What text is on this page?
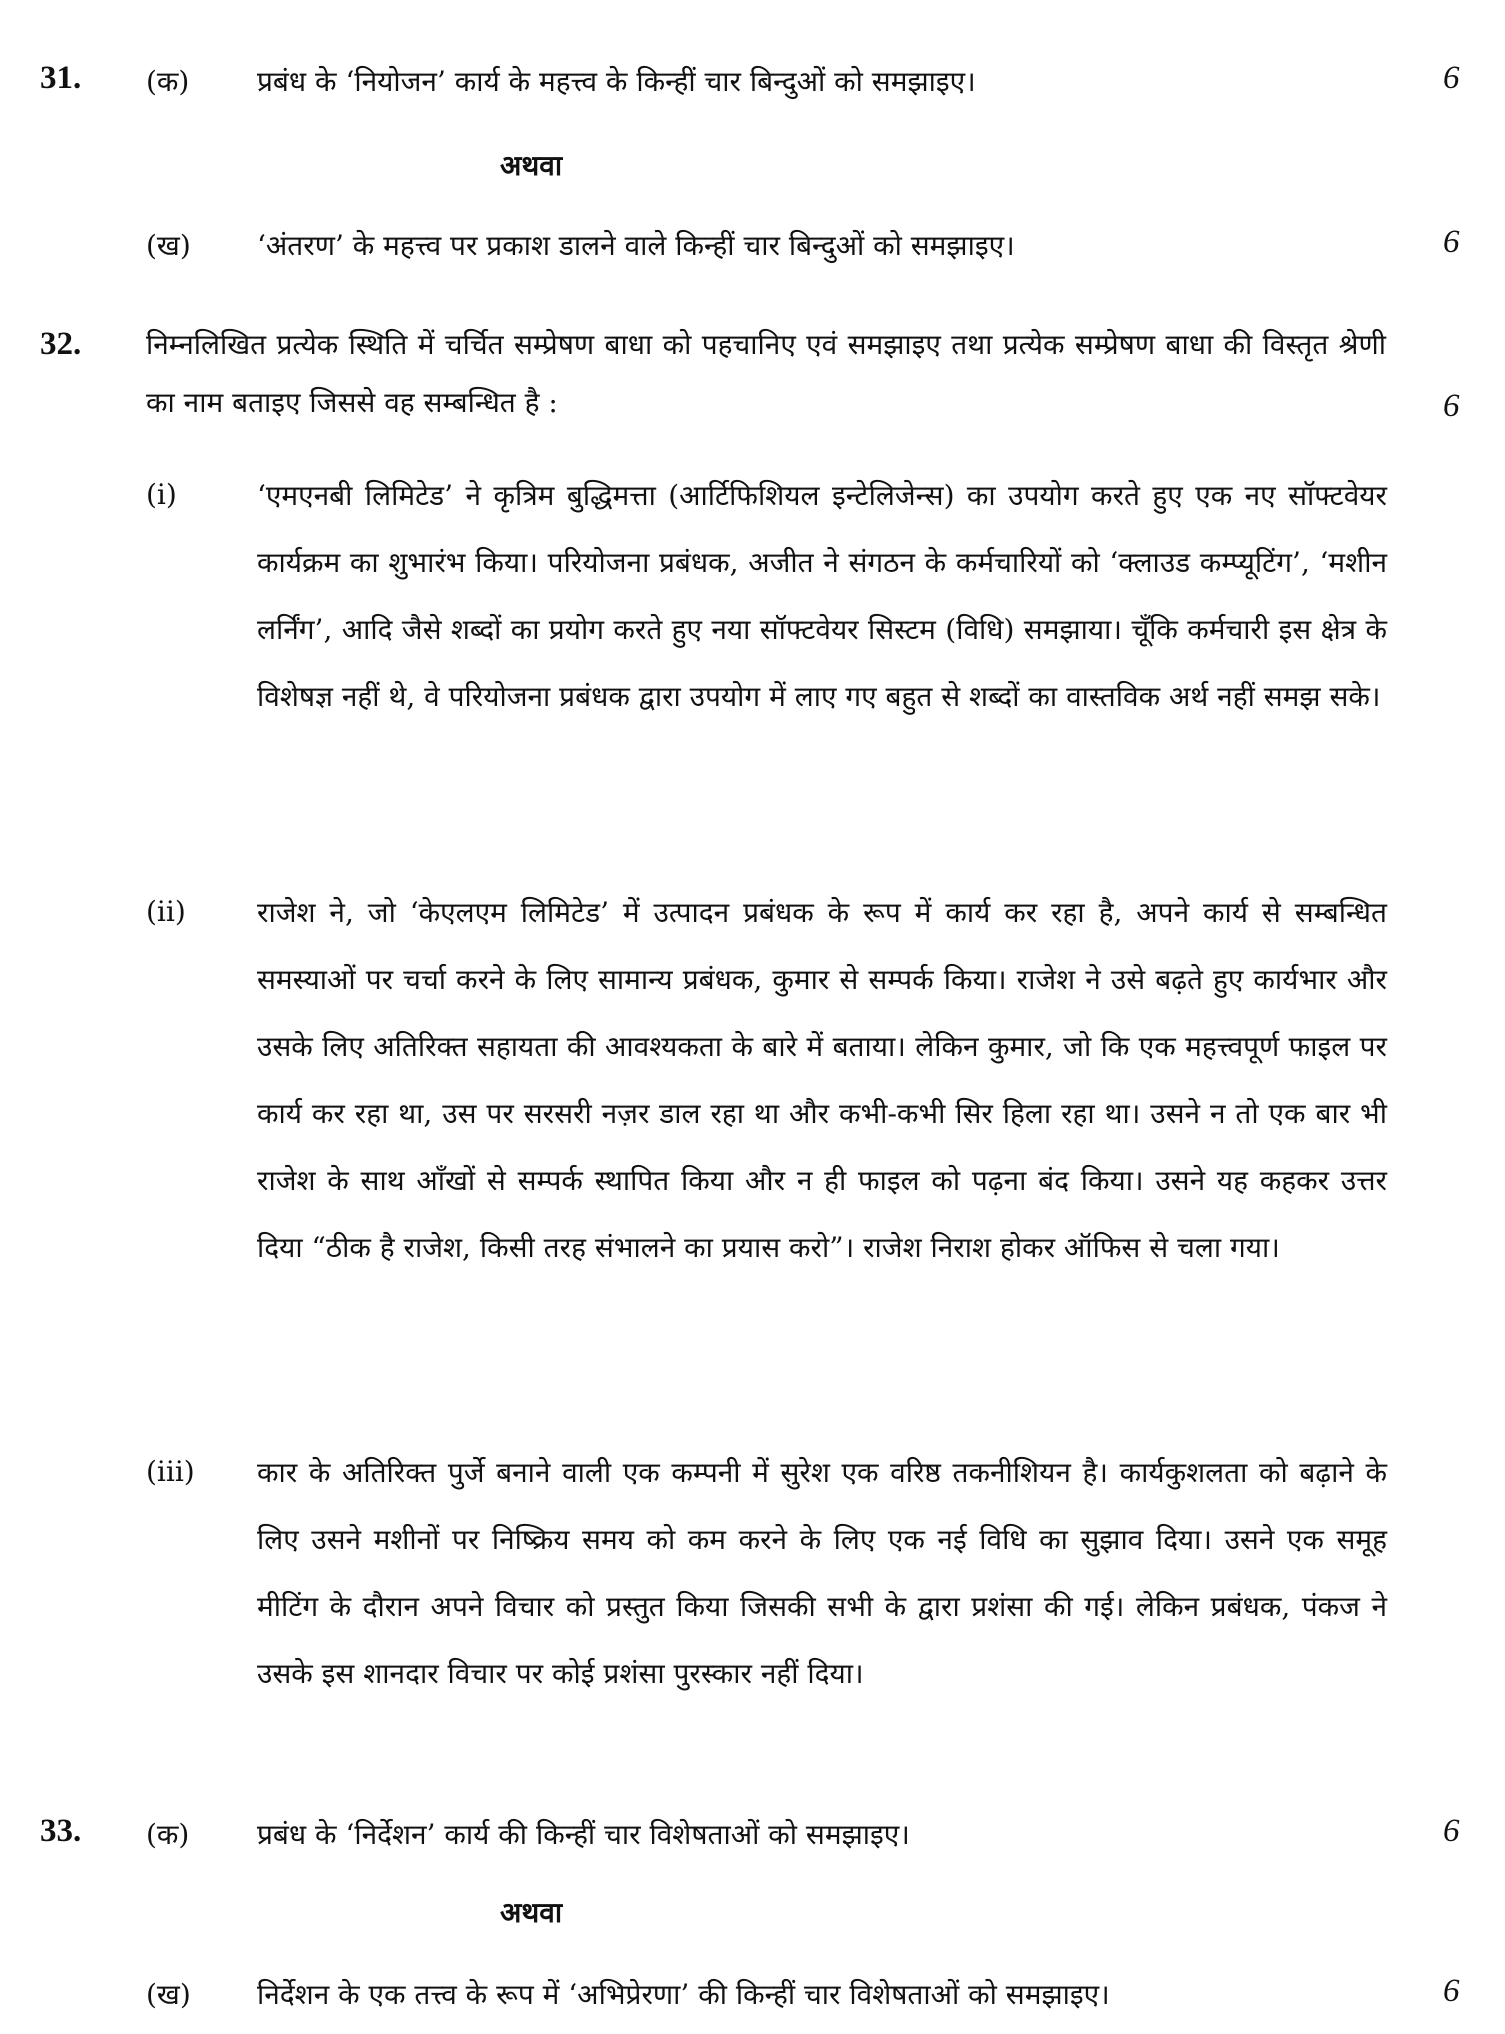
31. (क) प्रबंध के ‘नियोजन’ कार्य के महत्त्व के किन्हीं चार बिन्दुओं को समझाइए।	6
अथवा
(ख) ‘अंतरण’ के महत्त्व पर प्रकाश डालने वाले किन्हीं चार बिन्दुओं को समझाइए।	6
32. निम्नलिखित प्रत्येक स्थिति में चर्चित सम्प्रेषण बाधा को पहचानिए एवं समझाइए तथा प्रत्येक सम्प्रेषण बाधा की विस्तृत श्रेणी का नाम बताइए जिससे वह सम्बन्धित है :	6
(i)	‘एमएनबी लिमिटेड’ ने कृत्रिम बुद्धिमत्ता (आर्टिफिशियल इन्टेलिजेन्स) का उपयोग करते हुए एक नए सॉफ्टवेयर कार्यक्रम का शुभारंभ किया। परियोजना प्रबंधक, अजीत ने संगठन के कर्मचारियों को ‘क्लाउड कम्प्यूटिंग’, ‘मशीन लर्निंग’, आदि जैसे शब्दों का प्रयोग करते हुए नया सॉफ्टवेयर सिस्टम (विधि) समझाया। चूँकि कर्मचारी इस क्षेत्र के विशेषज्ञ नहीं थे, वे परियोजना प्रबंधक द्वारा उपयोग में लाए गए बहुत से शब्दों का वास्तविक अर्थ नहीं समझ सके।
(ii)	राजेश ने, जो ‘केएलएम लिमिटेड’ में उत्पादन प्रबंधक के रूप में कार्य कर रहा है, अपने कार्य से सम्बन्धित समस्याओं पर चर्चा करने के लिए सामान्य प्रबंधक, कुमार से सम्पर्क किया। राजेश ने उसे बढ़ते हुए कार्यभार और उसके लिए अतिरिक्त सहायता की आवश्यकता के बारे में बताया। लेकिन कुमार, जो कि एक महत्त्वपूर्ण फाइल पर कार्य कर रहा था, उस पर सरसरी नज़र डाल रहा था और कभी-कभी सिर हिला रहा था। उसने न तो एक बार भी राजेश के साथ आँखों से सम्पर्क स्थापित किया और न ही फाइल को पढ़ना बंद किया। उसने यह कहकर उत्तर दिया “ठीक है राजेश, किसी तरह संभालने का प्रयास करो”। राजेश निराश होकर ऑफिस से चला गया।
(iii) कार के अतिरिक्त पुर्जे बनाने वाली एक कम्पनी में सुरेश एक वरिष्ठ तकनीशियन है। कार्यकुशलता को बढ़ाने के लिए उसने मशीनों पर निष्क्रिय समय को कम करने के लिए एक नई विधि का सुझाव दिया। उसने एक समूह मीटिंग के दौरान अपने विचार को प्रस्तुत किया जिसकी सभी के द्वारा प्रशंसा की गई। लेकिन प्रबंधक, पंकज ने उसके इस शानदार विचार पर कोई प्रशंसा पुरस्कार नहीं दिया।
33. (क) प्रबंध के ‘निर्देशन’ कार्य की किन्हीं चार विशेषताओं को समझाइए।	6
अथवा
(ख) निर्देशन के एक तत्त्व के रूप में ‘अभिप्रेरणा’ की किन्हीं चार विशेषताओं को समझाइए।	6
